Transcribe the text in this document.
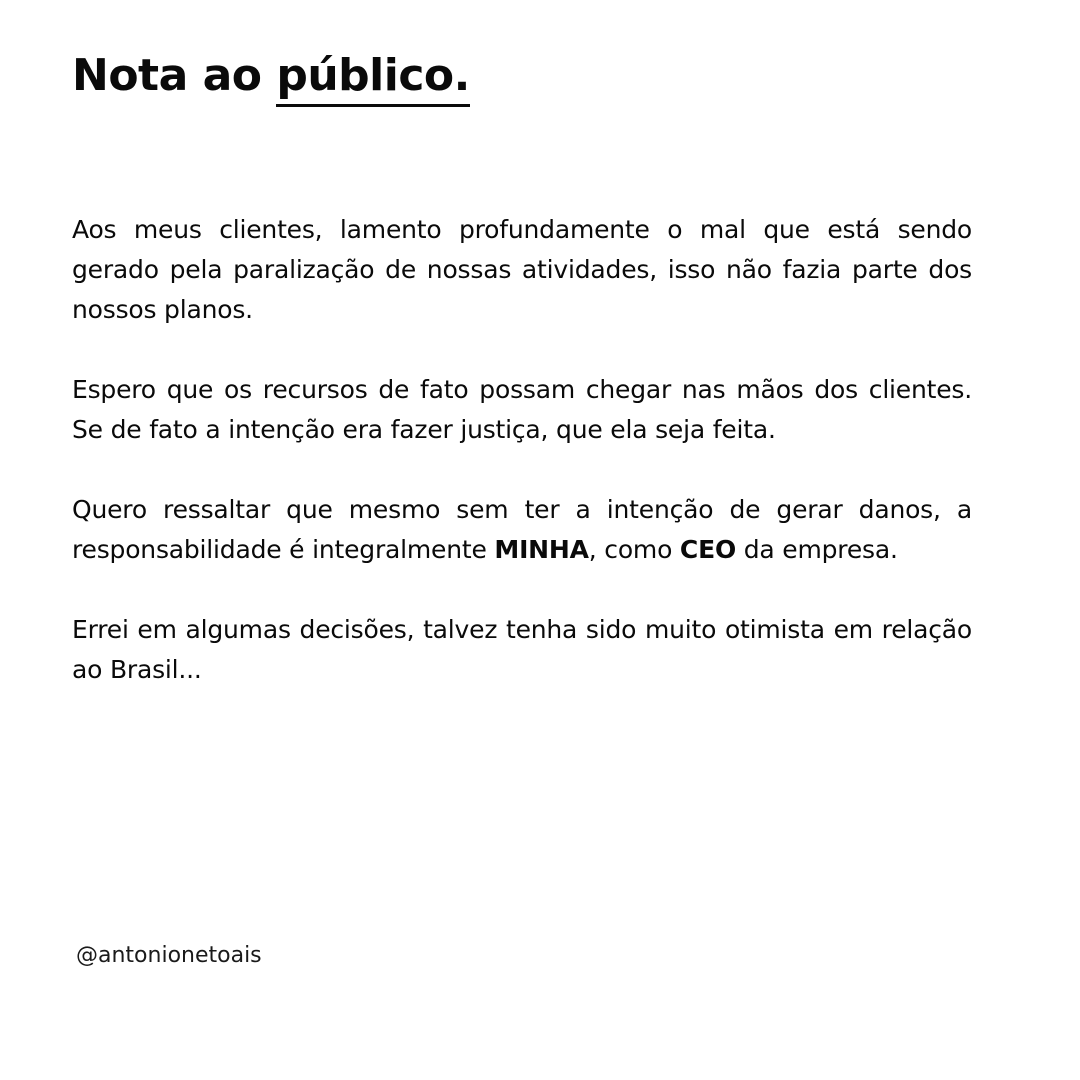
Nota ao público.

Aos meus clientes, lamento profundamente o mal que está sendo gerado pela paralização de nossas atividades, isso não fazia parte dos nossos planos.

Espero que os recursos de fato possam chegar nas mãos dos clientes. Se de fato a intenção era fazer justiça, que ela seja feita.

Quero ressaltar que mesmo sem ter a intenção de gerar danos, a responsabilidade é integralmente MINHA, como CEO da empresa.

Errei em algumas decisões, talvez tenha sido muito otimista em relação ao Brasil...

@antonionetoais
